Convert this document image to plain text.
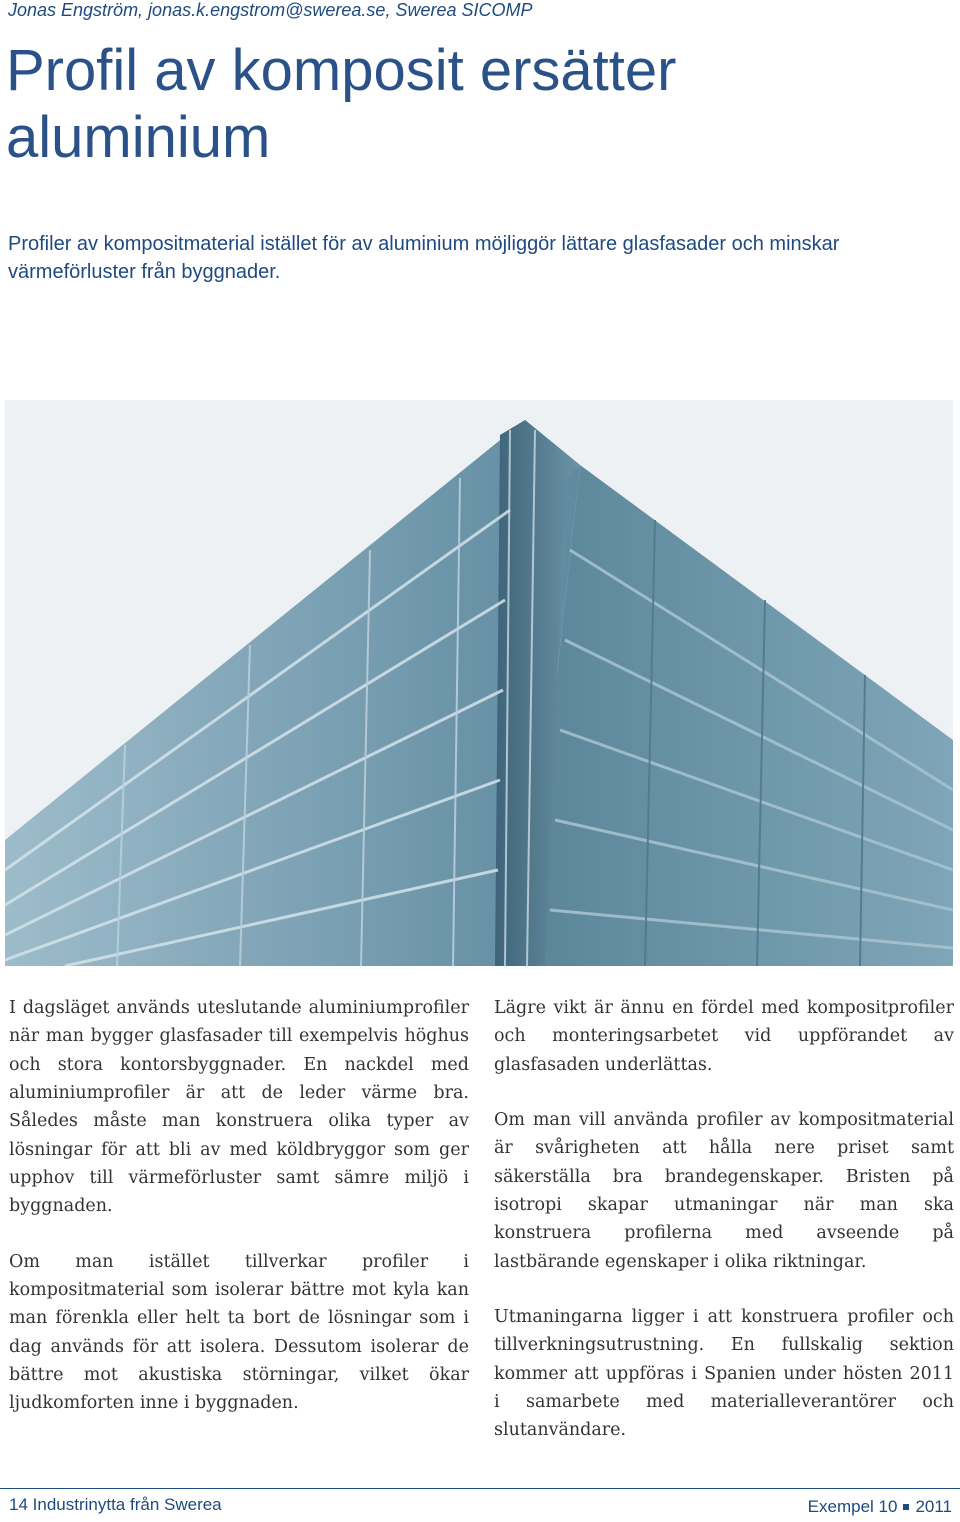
Jonas Engström, jonas.k.engstrom@swerea.se, Swerea SICOMP
Profil av komposit ersätter aluminium

Profiler av kompositmaterial istället för av aluminium möjliggör lättare glasfasader och minskar värmeförluster från byggnader.

I dagsläget används uteslutande aluminiumprofiler när man bygger glasfasader till exempelvis höghus och stora kontorsbyggnader. En nackdel med aluminiumprofiler är att de leder värme bra. Således måste man konstruera olika typer av lösningar för att bli av med köldbryggor som ger upphov till värmeförluster samt sämre miljö i byggnaden.

Om man istället tillverkar profiler i kompositmaterial som isolerar bättre mot kyla kan man förenkla eller helt ta bort de lösningar som i dag används för att isolera. Dessutom isolerar de bättre mot akustiska störningar, vilket ökar ljudkomforten inne i byggnaden.

Lägre vikt är ännu en fördel med kompositprofiler och monteringsarbetet vid uppförandet av glasfasaden underlättas.

Om man vill använda profiler av kompositmaterial är svårigheten att hålla nere priset samt säkerställa bra brandegenskaper. Bristen på isotropi skapar utmaningar när man ska konstruera profilerna med avseende på lastbärande egenskaper i olika riktningar.

Utmaningarna ligger i att konstruera profiler och tillverkningsutrustning. En fullskalig sektion kommer att uppföras i Spanien under hösten 2011 i samarbete med materialleverantörer och slutanvändare.

14 Industrinytta från Swerea	Exempel 10 2011
